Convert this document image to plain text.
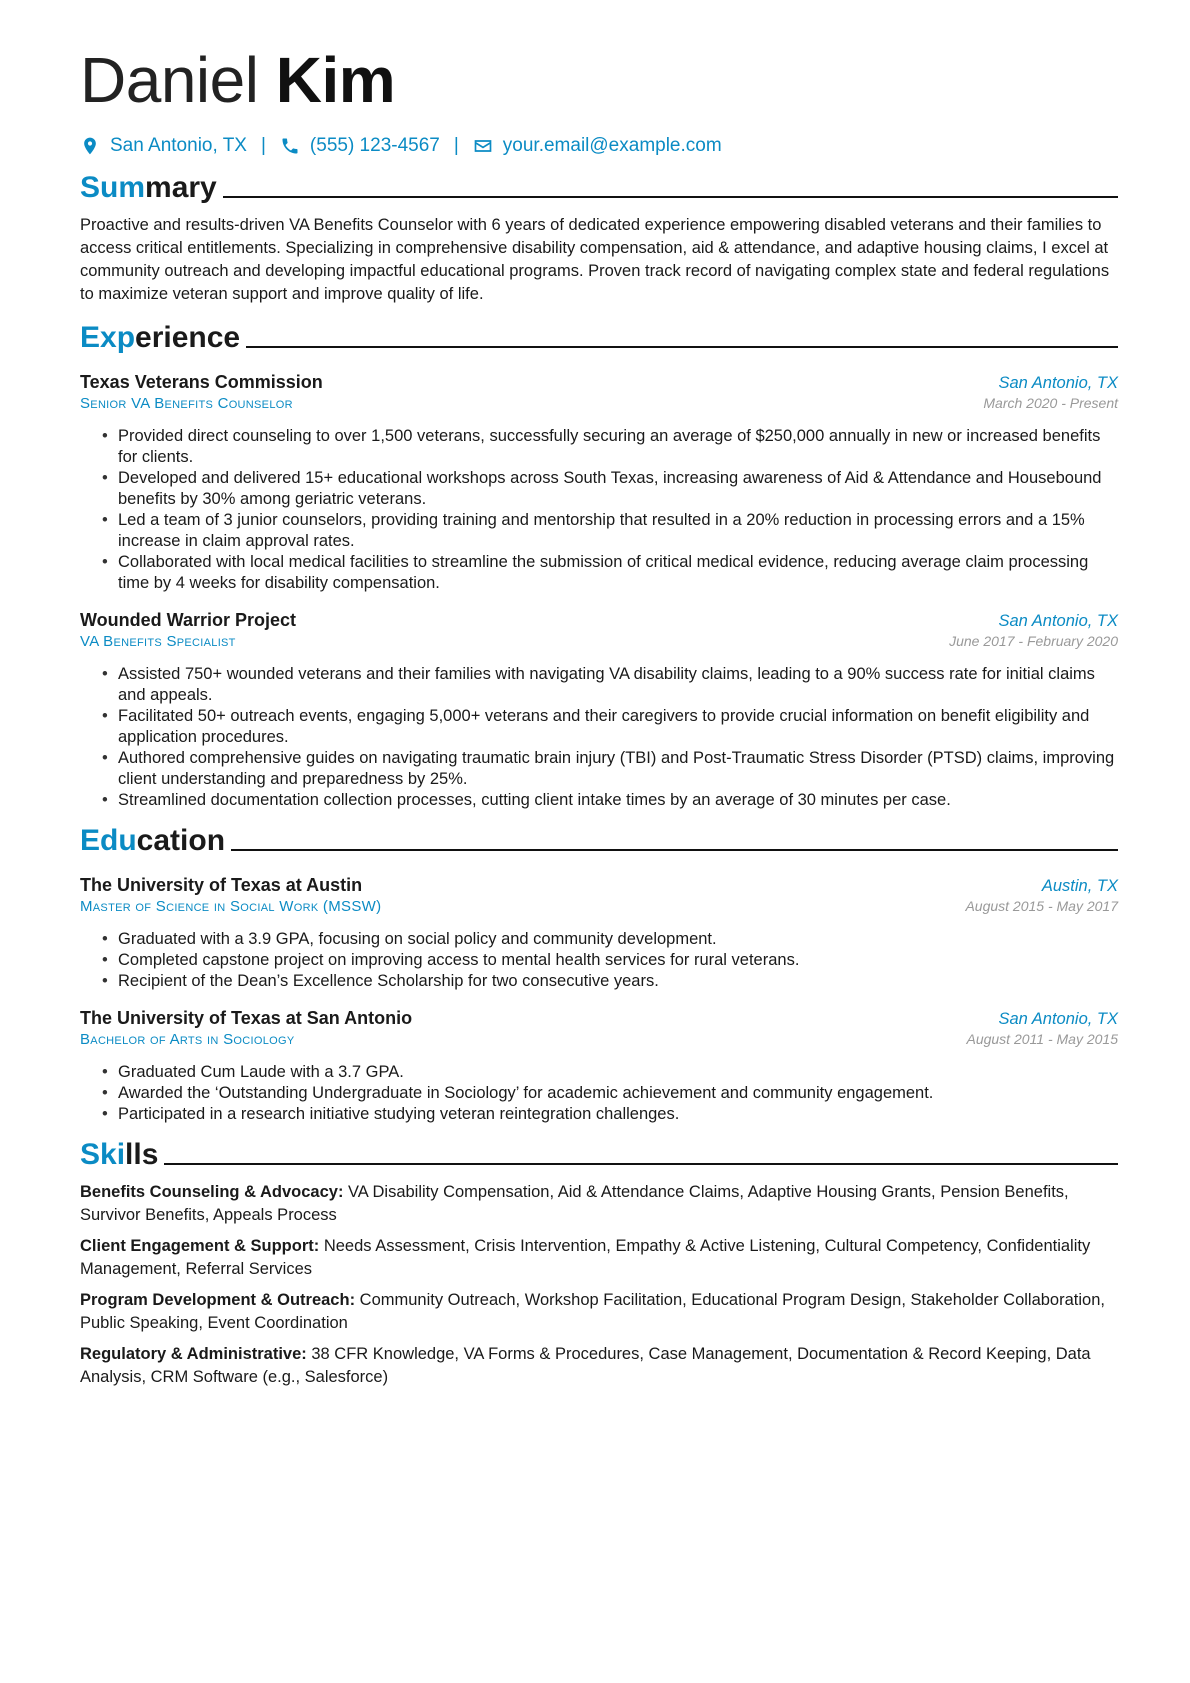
Daniel Kim
San Antonio, TX | (555) 123-4567 | your.email@example.com
Summary

Proactive and results-driven VA Benefits Counselor with 6 years of dedicated experience empowering disabled veterans and their families to access critical entitlements. Specializing in comprehensive disability compensation, aid & attendance, and adaptive housing claims, I excel at community outreach and developing impactful educational programs. Proven track record of navigating complex state and federal regulations to maximize veteran support and improve quality of life.

Experience
Texas Veterans Commission	San Antonio, TX
Senior VA Benefits Counselor	March 2020 - Present
• Provided direct counseling to over 1,500 veterans, successfully securing an average of $250,000 annually in new or increased benefits for clients.
• Developed and delivered 15+ educational workshops across South Texas, increasing awareness of Aid & Attendance and Housebound benefits by 30% among geriatric veterans.
• Led a team of 3 junior counselors, providing training and mentorship that resulted in a 20% reduction in processing errors and a 15% increase in claim approval rates.
• Collaborated with local medical facilities to streamline the submission of critical medical evidence, reducing average claim processing time by 4 weeks for disability compensation.
Wounded Warrior Project	San Antonio, TX
VA Benefits Specialist	June 2017 - February 2020
• Assisted 750+ wounded veterans and their families with navigating VA disability claims, leading to a 90% success rate for initial claims and appeals.
• Facilitated 50+ outreach events, engaging 5,000+ veterans and their caregivers to provide crucial information on benefit eligibility and application procedures.
• Authored comprehensive guides on navigating traumatic brain injury (TBI) and Post-Traumatic Stress Disorder (PTSD) claims, improving client understanding and preparedness by 25%.
• Streamlined documentation collection processes, cutting client intake times by an average of 30 minutes per case.
Education
The University of Texas at Austin	Austin, TX
Master of Science in Social Work (MSSW)	August 2015 - May 2017
• Graduated with a 3.9 GPA, focusing on social policy and community development.
• Completed capstone project on improving access to mental health services for rural veterans.
• Recipient of the Dean’s Excellence Scholarship for two consecutive years.
The University of Texas at San Antonio	San Antonio, TX
Bachelor of Arts in Sociology	August 2011 - May 2015
• Graduated Cum Laude with a 3.7 GPA.
• Awarded the ‘Outstanding Undergraduate in Sociology’ for academic achievement and community engagement.
• Participated in a research initiative studying veteran reintegration challenges.
Skills
Benefits Counseling & Advocacy: VA Disability Compensation, Aid & Attendance Claims, Adaptive Housing Grants, Pension Benefits, Survivor Benefits, Appeals Process
Client Engagement & Support: Needs Assessment, Crisis Intervention, Empathy & Active Listening, Cultural Competency, Confidentiality Management, Referral Services
Program Development & Outreach: Community Outreach, Workshop Facilitation, Educational Program Design, Stakeholder Collaboration, Public Speaking, Event Coordination
Regulatory & Administrative: 38 CFR Knowledge, VA Forms & Procedures, Case Management, Documentation & Record Keeping, Data Analysis, CRM Software (e.g., Salesforce)
